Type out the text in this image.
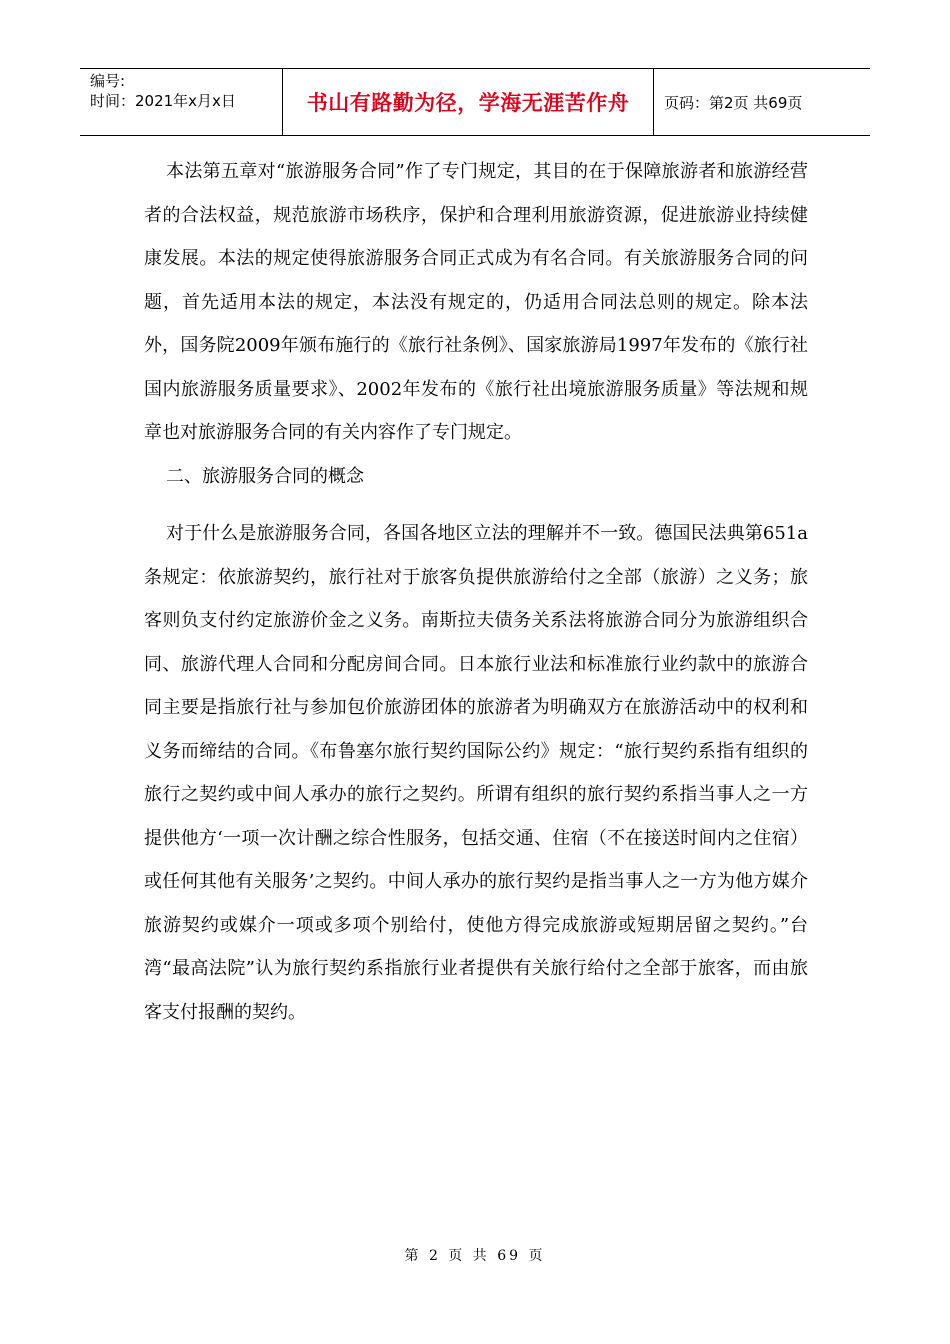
编号:
时间：2021年x月x日	书山有路勤为径，学海无涯苦作舟	页码：第2页 共69页

本法第五章对“旅游服务合同”作了专门规定，其目的在于保障旅游者和旅游经营者的合法权益，规范旅游市场秩序，保护和合理利用旅游资源，促进旅游业持续健康发展。本法的规定使得旅游服务合同正式成为有名合同。有关旅游服务合同的问题，首先适用本法的规定，本法没有规定的，仍适用合同法总则的规定。除本法外，国务院2009年颁布施行的《旅行社条例》、国家旅游局1997年发布的《旅行社国内旅游服务质量要求》、2002年发布的《旅行社出境旅游服务质量》等法规和规章也对旅游服务合同的有关内容作了专门规定。

二、旅游服务合同的概念

对于什么是旅游服务合同，各国各地区立法的理解并不一致。德国民法典第651a条规定：依旅游契约，旅行社对于旅客负提供旅游给付之全部（旅游）之义务；旅客则负支付约定旅游价金之义务。南斯拉夫债务关系法将旅游合同分为旅游组织合同、旅游代理人合同和分配房间合同。日本旅行业法和标准旅行业约款中的旅游合同主要是指旅行社与参加包价旅游团体的旅游者为明确双方在旅游活动中的权利和义务而缔结的合同。《布鲁塞尔旅行契约国际公约》规定：“旅行契约系指有组织的旅行之契约或中间人承办的旅行之契约。所谓有组织的旅行契约系指当事人之一方提供他方‘一项一次计酬之综合性服务，包括交通、住宿（不在接送时间内之住宿）或任何其他有关服务’之契约。中间人承办的旅行契约是指当事人之一方为他方媒介旅游契约或媒介一项或多项个别给付，使他方得完成旅游或短期居留之契约。”台湾“最高法院”认为旅行契约系指旅行业者提供有关旅行给付之全部于旅客，而由旅客支付报酬的契约。

第 2 页 共 69 页
